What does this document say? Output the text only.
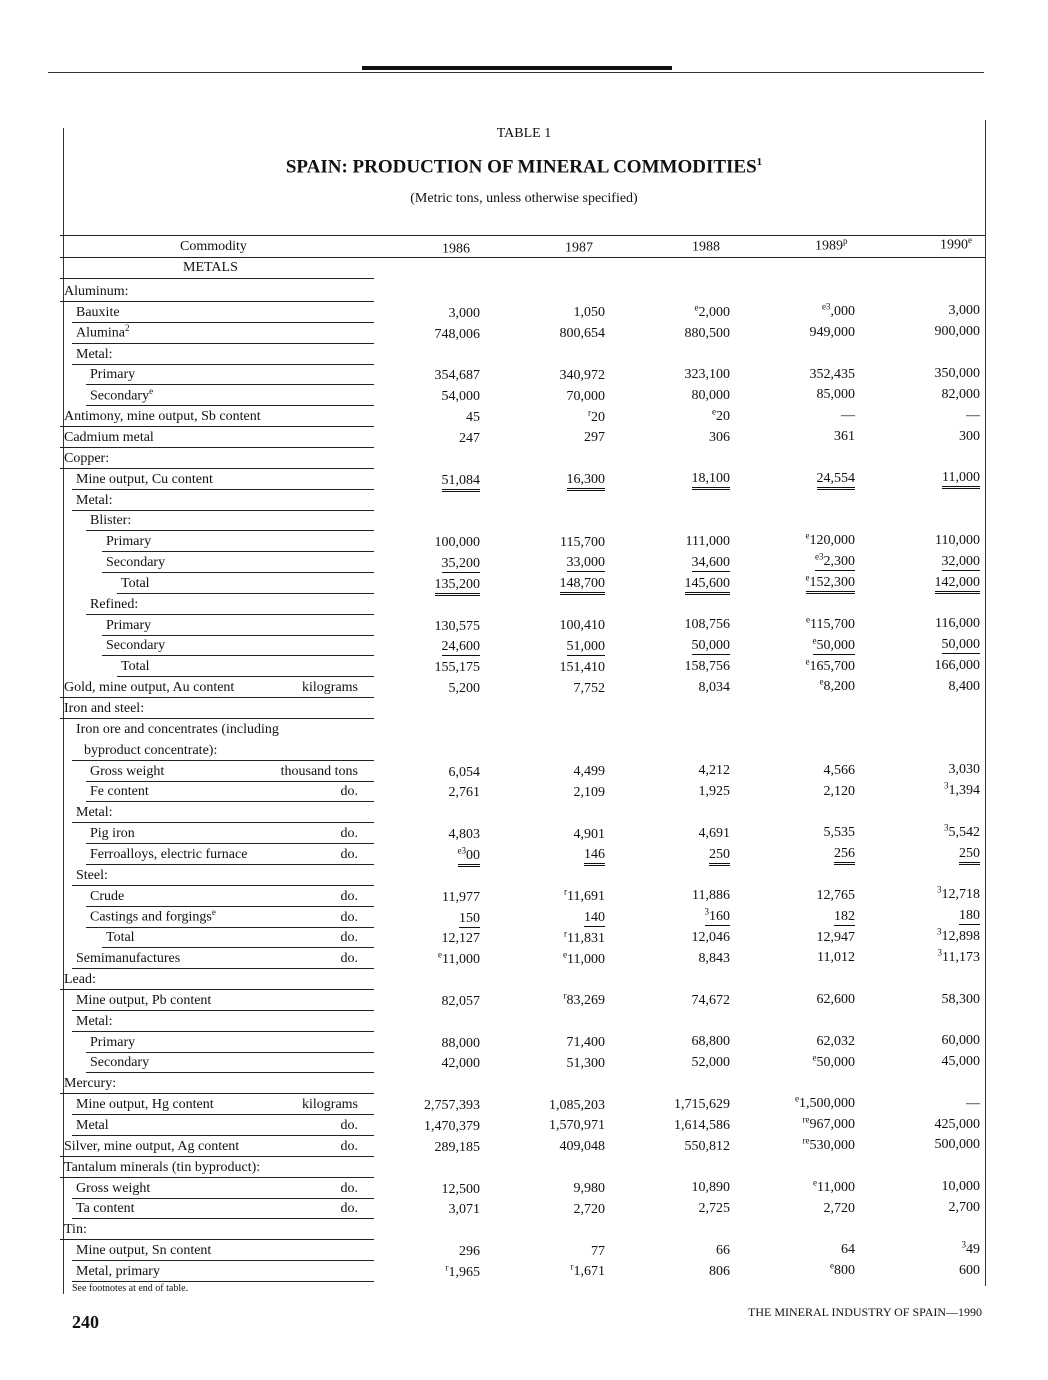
TABLE 1
SPAIN: PRODUCTION OF MINERAL COMMODITIES$^1$
(Metric tons, unless otherwise specified)
Commodity	1986	1987	1988	1989$^p$	1990e
METALS
Aluminum:
Bauxite	3,000	1,050	$^e$2,000	$^{e3}$,000	3,000
Alumina$^2$	748,006	800,654	880,500	949,000	900,000
Metal:
Primary	354,687	340,972	323,100	352,435	350,000
Secondary$^e$	54,000	70,000	80,000	85,000	82,000
Antimony, mine output, Sb content	45	$^r$20	$^e$20	—	—
Cadmium metal	247	297	306	361	300
Copper:
Mine output, Cu content	51,084	16,300	18,100	24,554	11,000
Metal:
Blister:
Primary	100,000	115,700	111,000	$^e$120,000	110,000
Secondary	35,200	33,000	34,600	$^{e3}$2,300	32,000
Total	135,200	148,700	145,600	$^e$152,300	142,000
Refined:
Primary	130,575	100,410	108,756	$^e$115,700	116,000
Secondary	24,600	51,000	50,000	$^e$50,000	50,000
Total	155,175	151,410	158,756	$^e$165,700	166,000
Gold, mine output, Au content	kilograms	5,200	7,752	8,034	$^e$8,200	8,400
Iron and steel:
Iron ore and concentrates (including
byproduct concentrate):
Gross weight	thousand tons	6,054	4,499	4,212	4,566	3,030
Fe content	do.	2,761	2,109	1,925	2,120	$^3$1,394
Metal:
Pig iron	do.	4,803	4,901	4,691	5,535	$^3$5,542
Ferroalloys, electric furnace	do.	$^{e3}$00	146	250	256	250
Steel:
Crude	do.	11,977	$^r$11,691	11,886	12,765	$^3$12,718
Castings and forgings$^e$	do.	150	140	$^3$160	182	180
Total	do.	12,127	$^r$11,831	12,046	12,947	$^3$12,898
Semimanufactures	do.	$^e$11,000	$^e$11,000	8,843	11,012	$^3$11,173
Lead:
Mine output, Pb content	82,057	$^r$83,269	74,672	62,600	58,300
Metal:
Primary	88,000	71,400	68,800	62,032	60,000
Secondary	42,000	51,300	52,000	$^e$50,000	45,000
Mercury:
Mine output, Hg content	kilograms	2,757,393	1,085,203	1,715,629	$^e$1,500,000	—
Metal	do.	1,470,379	1,570,971	1,614,586	$^{re}$967,000	425,000
Silver, mine output, Ag content	do.	289,185	409,048	550,812	$^{re}$530,000	500,000
Tantalum minerals (tin byproduct):
Gross weight	do.	12,500	9,980	10,890	$^e$11,000	10,000
Ta content	do.	3,071	2,720	2,725	2,720	2,700
Tin:
Mine output, Sn content	296	77	66	64	$^3$49
Metal, primary	$^r$1,965	$^r$1,671	806	$^e$800	600
See footnotes at end of table.
240	THE MINERAL INDUSTRY OF SPAIN—1990
